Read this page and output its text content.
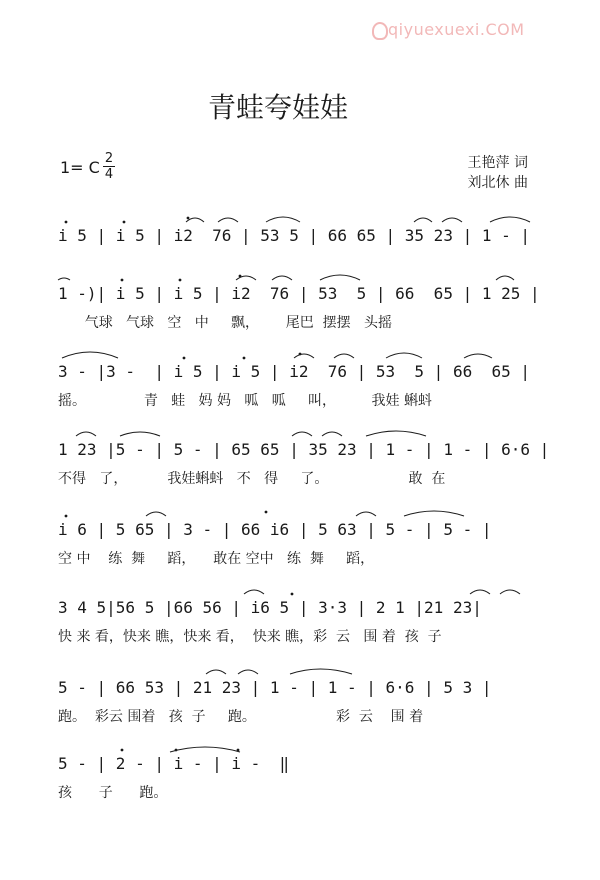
qiyuexuexi.COM
青蛙夸娃娃
1= C 2
4
王艳萍 词
刘北休 曲
i 5 | i 5 | i2  76 | 53 5 | 66 65 | 35 23 | 1 - |
1 -)| i 5 | i 5 | i2  76 | 53  5 | 66  65 | 1 25 |
气球   气球   空   中     飘，      尾巴  摆摆   头摇
3 - |3 -  | i 5 | i 5 | i2  76 | 53  5 | 66  65 |
摇。             青   蛙   妈 妈   呱   呱     叫，        我娃 蝌蚪
1 23 |5 - | 5 - | 65 65 | 35 23 | 1 - | 1 - | 6·6 |
不得   了，         我娃蝌蚪   不   得     了。                  敢  在
i 6 | 5 65 | 3 - | 66 i6 | 5 63 | 5 - | 5 - |
空 中    练  舞     蹈，    敢在 空中   练  舞     蹈，
3 4 5|56 5 |66 56 | i6 5 | 3·3 | 2 1 |21 23|
快 来 看，快来 瞧，快来 看，  快来 瞧，彩  云   围 着  孩  子
5 - | 66 53 | 21 23 | 1 - | 1 - | 6·6 | 5 3 |
跑。  彩云 围着   孩  子     跑。                  彩  云    围 着
5 - | 2 - | i - | i -  ‖
孩      子      跑。
